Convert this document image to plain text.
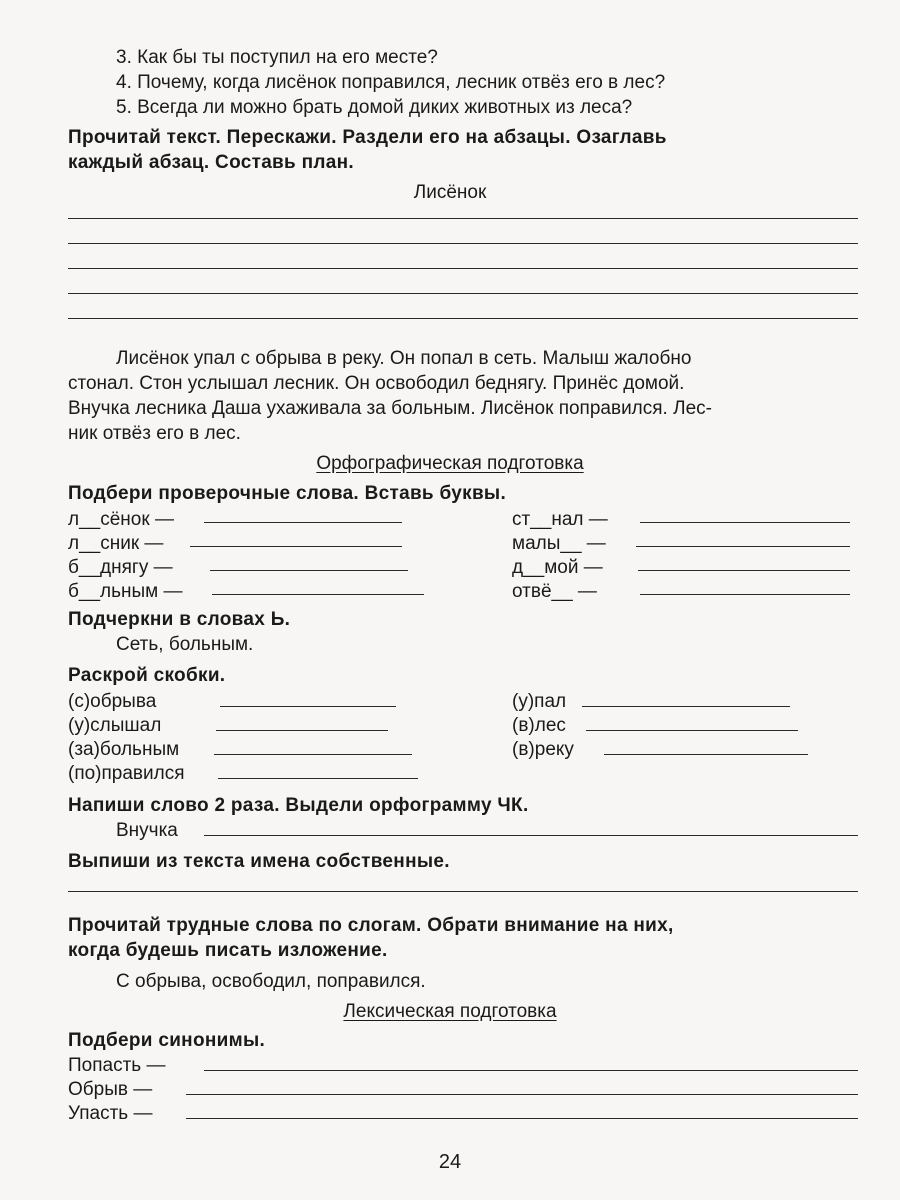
3. Как бы ты поступил на его месте?
4. Почему, когда лисёнок поправился, лесник отвёз его в лес?
5. Всегда ли можно брать домой диких животных из леса?
Прочитай текст. Перескажи. Раздели его на абзацы. Озаглавь
каждый абзац. Составь план.
Лисёнок
Лисёнок упал с обрыва в реку. Он попал в сеть. Малыш жалобно
стонал. Стон услышал лесник. Он освободил беднягу. Принёс домой.
Внучка лесника Даша ухаживала за больным. Лисёнок поправился. Лес-
ник отвёз его в лес.
Орфографическая подготовка
Подбери проверочные слова. Вставь буквы.
л__сёнок —
л__сник —
б__днягу —
б__льным —
ст__нал —
малы__ —
д__мой —
отвё__ —
Подчеркни в словах Ь.
Сеть, больным.
Раскрой скобки.
(с)обрыва
(у)слышал
(за)больным
(по)правился
(у)пал
(в)лес
(в)реку
Напиши слово 2 раза. Выдели орфограмму ЧК.
Внучка
Выпиши из текста имена собственные.
Прочитай трудные слова по слогам. Обрати внимание на них,
когда будешь писать изложение.
С обрыва, освободил, поправился.
Лексическая подготовка
Подбери синонимы.
Попасть —
Обрыв —
Упасть —
24
